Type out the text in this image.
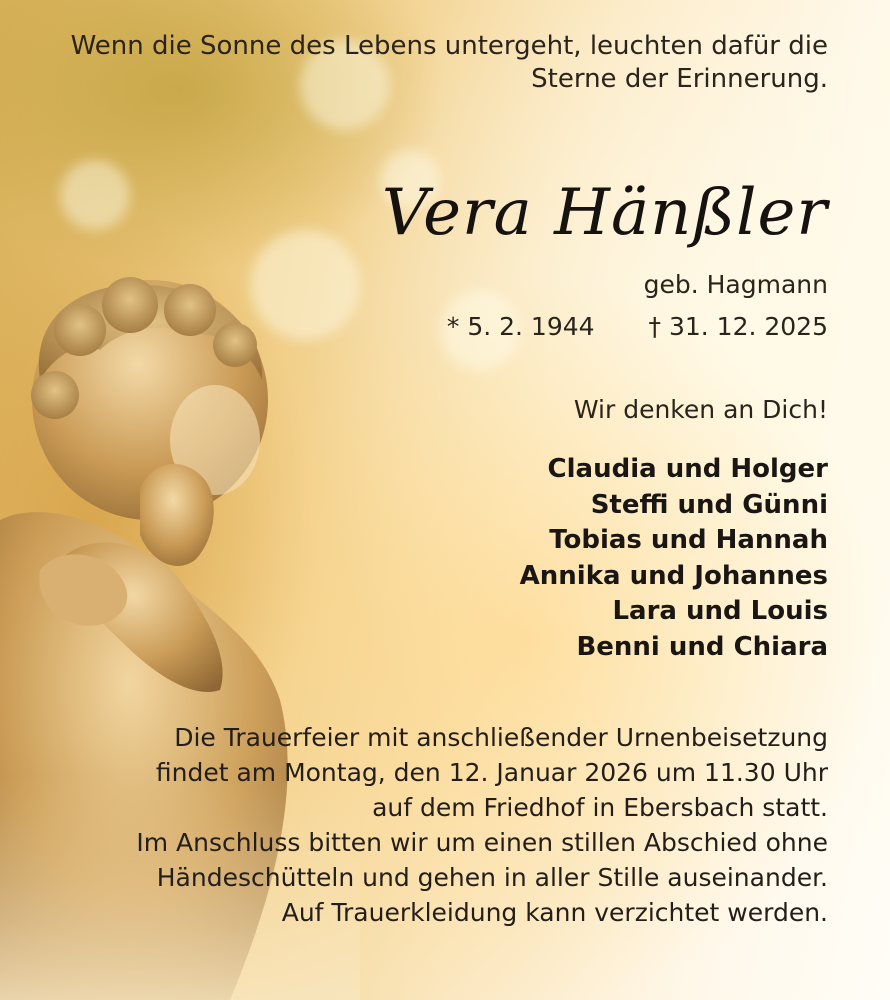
Wenn die Sonne des Lebens untergeht, leuchten dafür die
Sterne der Erinnerung.
Vera Hänßler
geb. Hagmann
* 5. 2. 1944 † 31. 12. 2025
Wir denken an Dich!
Claudia und Holger
Steffi und Günni
Tobias und Hannah
Annika und Johannes
Lara und Louis
Benni und Chiara
Die Trauerfeier mit anschließender Urnenbeisetzung
findet am Montag, den 12. Januar 2026 um 11.30 Uhr
auf dem Friedhof in Ebersbach statt.
Im Anschluss bitten wir um einen stillen Abschied ohne
Händeschütteln und gehen in aller Stille auseinander.
Auf Trauerkleidung kann verzichtet werden.
